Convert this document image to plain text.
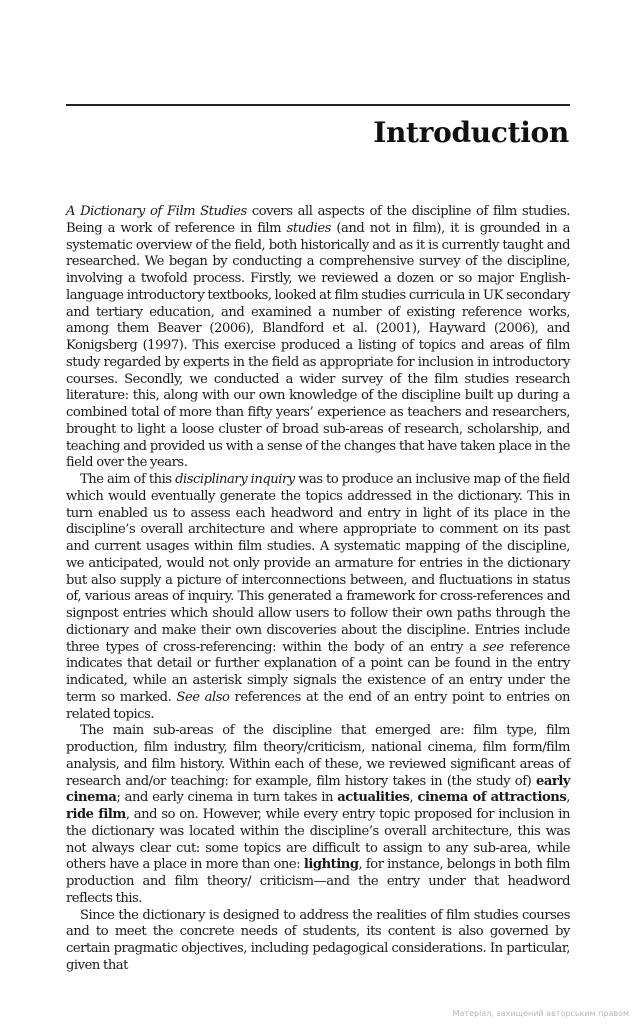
Introduction

A Dictionary of Film Studies covers all aspects of the discipline of film studies. Being a work of reference in film studies (and not in film), it is grounded in a systematic overview of the field, both historically and as it is currently taught and researched. We began by conducting a comprehensive survey of the discipline, involving a twofold process. Firstly, we reviewed a dozen or so major English-language introductory textbooks, looked at film studies curricula in UK secondary and tertiary education, and examined a number of existing reference works, among them Beaver (2006), Blandford et al. (2001), Hayward (2006), and Konigsberg (1997). This exercise produced a listing of topics and areas of film study regarded by experts in the field as appropriate for inclusion in introductory courses. Secondly, we conducted a wider survey of the film studies research literature: this, along with our own knowledge of the discipline built up during a combined total of more than fifty years’ experience as teachers and researchers, brought to light a loose cluster of broad sub-areas of research, scholarship, and teaching and provided us with a sense of the changes that have taken place in the field over the years.

The aim of this disciplinary inquiry was to produce an inclusive map of the field which would eventually generate the topics addressed in the dictionary. This in turn enabled us to assess each headword and entry in light of its place in the discipline’s overall architecture and where appropriate to comment on its past and current usages within film studies. A systematic mapping of the discipline, we anticipated, would not only provide an armature for entries in the dictionary but also supply a picture of interconnections between, and fluctuations in status of, various areas of inquiry. This generated a framework for cross-references and signpost entries which should allow users to follow their own paths through the dictionary and make their own discoveries about the discipline. Entries include three types of cross-referencing: within the body of an entry a see reference indicates that detail or further explanation of a point can be found in the entry indicated, while an asterisk simply signals the existence of an entry under the term so marked. See also references at the end of an entry point to entries on related topics.

The main sub-areas of the discipline that emerged are: film type, film production, film industry, film theory/criticism, national cinema, film form/film analysis, and film history. Within each of these, we reviewed significant areas of research and/or teaching: for example, film history takes in (the study of) early cinema; and early cinema in turn takes in actualities, cinema of attractions, ride film, and so on. However, while every entry topic proposed for inclusion in the dictionary was located within the discipline’s overall architecture, this was not always clear cut: some topics are difficult to assign to any sub-area, while others have a place in more than one: lighting, for instance, belongs in both film production and film theory/ criticism—and the entry under that headword reflects this.

Since the dictionary is designed to address the realities of film studies courses and to meet the concrete needs of students, its content is also governed by certain pragmatic objectives, including pedagogical considerations. In particular, given that

Матеріал, захищений авторським правом
